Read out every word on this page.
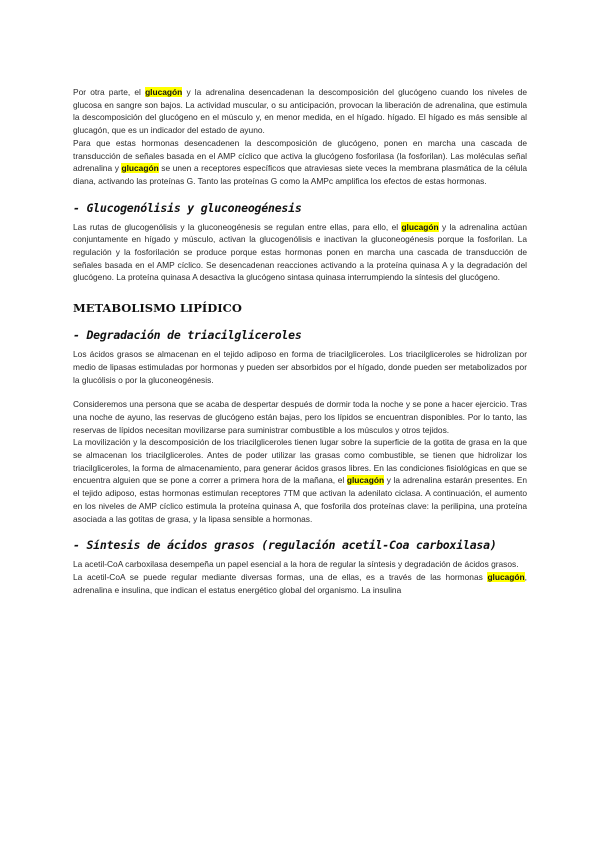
Por otra parte, el glucagón y la adrenalina desencadenan la descomposición del glucógeno cuando los niveles de glucosa en sangre son bajos. La actividad muscular, o su anticipación, provocan la liberación de adrenalina, que estimula la descomposición del glucógeno en el músculo y, en menor medida, en el hígado. hígado. El hígado es más sensible al glucagón, que es un indicador del estado de ayuno.

Para que estas hormonas desencadenen la descomposición de glucógeno, ponen en marcha una cascada de transducción de señales basada en el AMP cíclico que activa la glucógeno fosforilasa (la fosforilan). Las moléculas señal adrenalina y glucagón se unen a receptores específicos que atraviesas siete veces la membrana plasmática de la célula diana, activando las proteínas G. Tanto las proteínas G como la AMPc amplifica los efectos de estas hormonas.

- Glucogenólisis y gluconeogénesis

Las rutas de glucogenólisis y la gluconeogénesis se regulan entre ellas, para ello, el glucagón y la adrenalina actúan conjuntamente en hígado y músculo, activan la glucogenólisis e inactivan la gluconeogénesis porque la fosforilan. La regulación y la fosforilación se produce porque estas hormonas ponen en marcha una cascada de transducción de señales basada en el AMP cíclico. Se desencadenan reacciones activando a la proteína quinasa A y la degradación del glucógeno. La proteína quinasa A desactiva la glucógeno sintasa quinasa interrumpiendo la síntesis del glucógeno.

METABOLISMO LIPÍDICO
- Degradación de triacilgliceroles

Los ácidos grasos se almacenan en el tejido adiposo en forma de triacilgliceroles. Los triacilgliceroles se hidrolizan por medio de lipasas estimuladas por hormonas y pueden ser absorbidos por el hígado, donde pueden ser metabolizados por la glucólisis o por la gluconeogénesis.

Consideremos una persona que se acaba de despertar después de dormir toda la noche y se pone a hacer ejercicio. Tras una noche de ayuno, las reservas de glucógeno están bajas, pero los lípidos se encuentran disponibles. Por lo tanto, las reservas de lípidos necesitan movilizarse para suministrar combustible a los músculos y otros tejidos.

La movilización y la descomposición de los triacilgliceroles tienen lugar sobre la superficie de la gotita de grasa en la que se almacenan los triacilgliceroles. Antes de poder utilizar las grasas como combustible, se tienen que hidrolizar los triacilgliceroles, la forma de almacenamiento, para generar ácidos grasos libres. En las condiciones fisiológicas en que se encuentra alguien que se pone a correr a primera hora de la mañana, el glucagón y la adrenalina estarán presentes. En el tejido adiposo, estas hormonas estimulan receptores 7TM que activan la adenilato ciclasa. A continuación, el aumento en los niveles de AMP cíclico estimula la proteína quinasa A, que fosforila dos proteínas clave: la perilipina, una proteína asociada a las gotitas de grasa, y la lipasa sensible a hormonas.

- Síntesis de ácidos grasos (regulación acetil-Coa carboxilasa)

La acetil-CoA carboxilasa desempeña un papel esencial a la hora de regular la síntesis y degradación de ácidos grasos.

La acetil-CoA se puede regular mediante diversas formas, una de ellas, es a través de las hormonas glucagón, adrenalina e insulina, que indican el estatus energético global del organismo. La insulina
